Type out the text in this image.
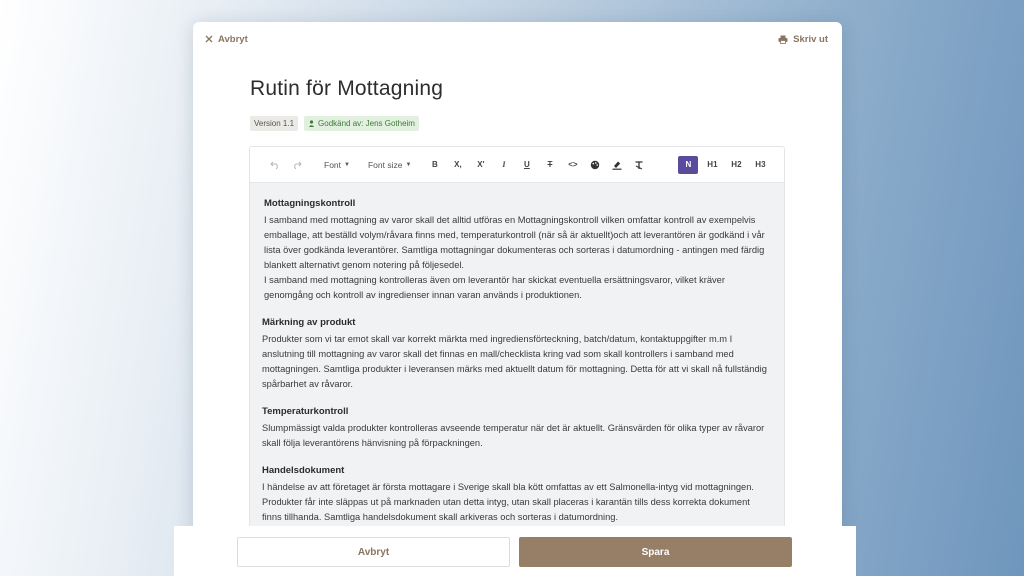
Avbryt	Skriv ut
Rutin för Mottagning
Version 1.1	Godkänd av: Jens Gotheim
Font ▼ Font size ▼	B	X,	X'	I	U	T	<>	N	H1	H2	H3
Mottagningskontroll

I samband med mottagning av varor skall det alltid utföras en Mottagningskontroll vilken omfattar kontroll av exempelvis emballage, att beställd volym/råvara finns med, temperaturkontroll (när så är aktuellt)och att leverantören är godkänd i vår lista över godkända leverantörer. Samtliga mottagningar dokumenteras och sorteras i datumordning - antingen med färdig blankett alternativt genom notering på följesedel.

I samband med mottagning kontrolleras även om leverantör har skickat eventuella ersättningsvaror, vilket kräver genomgång och kontroll av ingredienser innan varan används i produktionen.

Märkning av produkt

Produkter som vi tar emot skall var korrekt märkta med ingrediensförteckning, batch/datum, kontaktuppgifter m.m I anslutning till mottagning av varor skall det finnas en mall/checklista kring vad som skall kontrollers i samband med mottagningen. Samtliga produkter i leveransen märks med aktuellt datum för mottagning. Detta för att vi skall nå fullständig spårbarhet av råvaror.

Temperaturkontroll

Slumpmässigt valda produkter kontrolleras avseende temperatur när det är aktuellt. Gränsvärden för olika typer av råvaror skall följa leverantörens hänvisning på förpackningen.

Handelsdokument

I händelse av att företaget är första mottagare i Sverige skall bla kött omfattas av ett Salmonella-intyg vid mottagningen. Produkter får inte släppas ut på marknaden utan detta intyg, utan skall placeras i karantän tills dess korrekta dokument finns tillhanda. Samtliga handelsdokument skall arkiveras och sorteras i datumordning.

Avbryt	Spara
